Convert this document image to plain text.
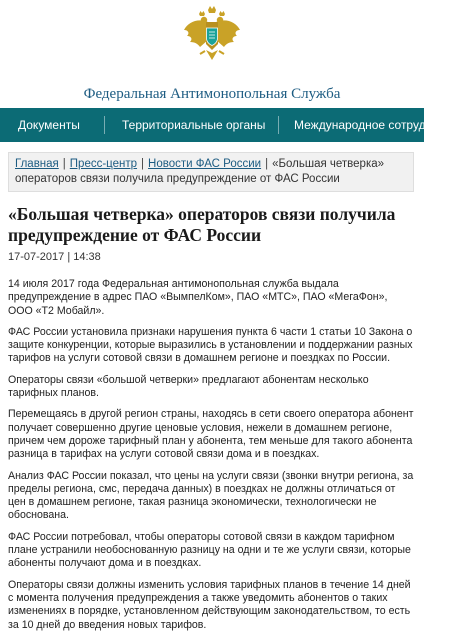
Федеральная Антимонопольная Служба
Документы	Территориальные органы Международное сотрудничество
Главная | Пресс-центр | Новости ФАС России | «Большая четверка» операторов связи получила предупреждение от ФАС России
«Большая четверка» операторов связи получила предупреждение от ФАС России
17-07-2017 | 14:38

14 июля 2017 года Федеральная антимонопольная служба выдала предупреждение в адрес ПАО «ВымпелКом», ПАО «МТС», ПАО «МегаФон», ООО «Т2 Мобайл».

ФАС России установила признаки нарушения пункта 6 части 1 статьи 10 Закона о защите конкуренции, которые выразились в установлении и поддержании разных тарифов на услуги сотовой связи в домашнем регионе и поездках по России.

Операторы связи «большой четверки» предлагают абонентам несколько тарифных планов.

Перемещаясь в другой регион страны, находясь в сети своего оператора абонент получает совершенно другие ценовые условия, нежели в домашнем регионе, причем чем дороже тарифный план у абонента, тем меньше для такого абонента разница в тарифах на услуги сотовой связи дома и в поездках.

Анализ ФАС России показал, что цены на услуги связи (звонки внутри региона, за пределы региона, смс, передача данных) в поездках не должны отличаться от цен в домашнем регионе, такая разница экономически, технологически не обоснована.

ФАС России потребовал, чтобы операторы сотовой связи в каждом тарифном плане устранили необоснованную разницу на одни и те же услуги связи, которые абоненты получают дома и в поездках.

Операторы связи должны изменить условия тарифных планов в течение 14 дней с момента получения предупреждения а также уведомить абонентов о таких изменениях в порядке, установленном действующим законодательством, то есть за 10 дней до введения новых тарифов.
